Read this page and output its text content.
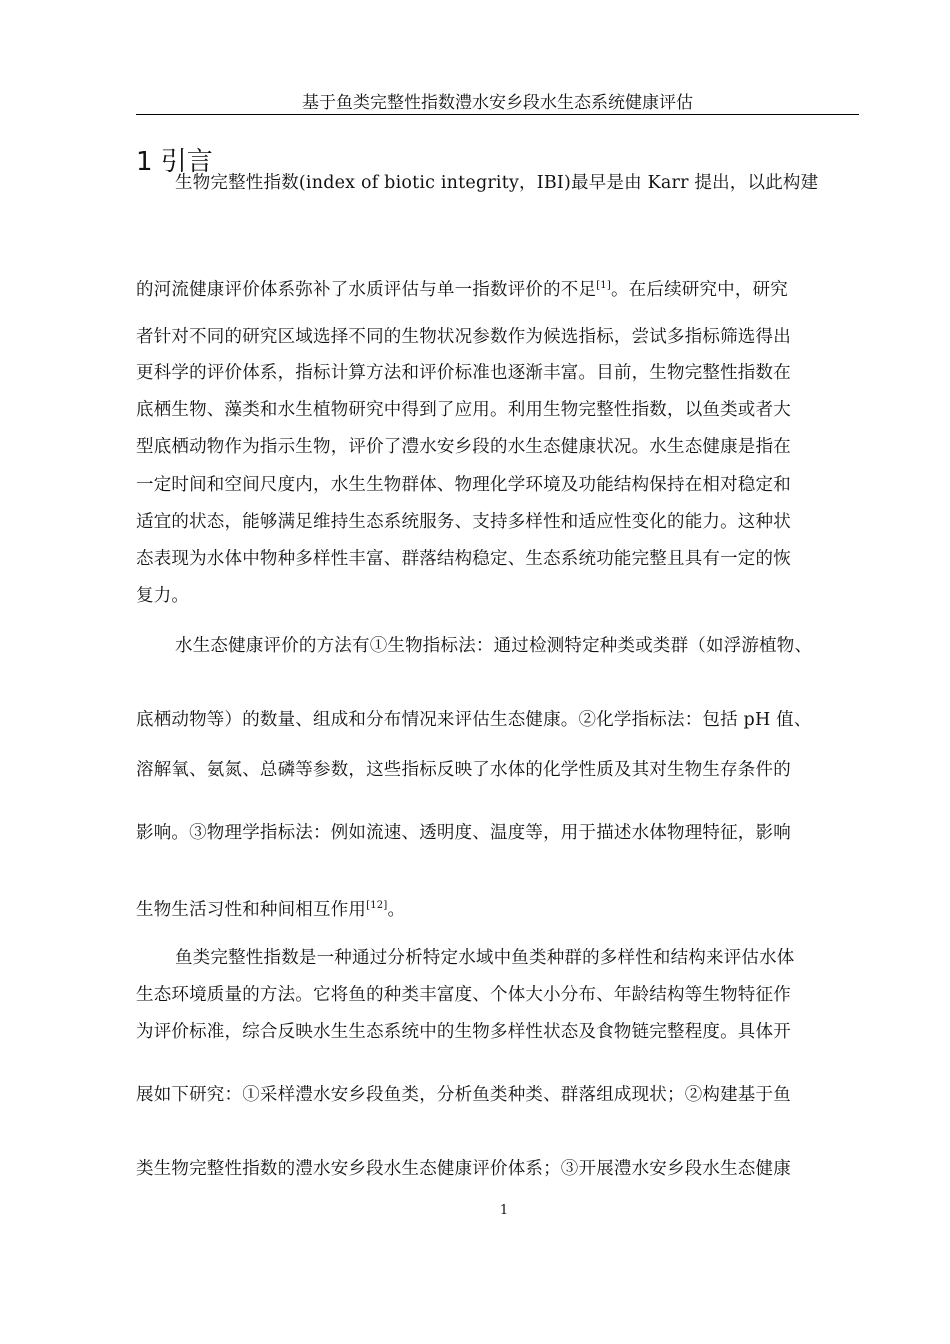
基于鱼类完整性指数澧水安乡段水生态系统健康评估
1 引言
生物完整性指数(index of biotic integrity，IBI)最早是由 Karr 提出，以此构建
的河流健康评价体系弥补了水质评估与单一指数评价的不足[1]。在后续研究中，研究
者针对不同的研究区域选择不同的生物状况参数作为候选指标，尝试多指标筛选得出
更科学的评价体系，指标计算方法和评价标准也逐渐丰富。目前，生物完整性指数在
底栖生物、藻类和水生植物研究中得到了应用。利用生物完整性指数，以鱼类或者大
型底栖动物作为指示生物，评价了澧水安乡段的水生态健康状况。水生态健康是指在
一定时间和空间尺度内，水生生物群体、物理化学环境及功能结构保持在相对稳定和
适宜的状态，能够满足维持生态系统服务、支持多样性和适应性变化的能力。这种状
态表现为水体中物种多样性丰富、群落结构稳定、生态系统功能完整且具有一定的恢
复力。
水生态健康评价的方法有①生物指标法：通过检测特定种类或类群（如浮游植物、
底栖动物等）的数量、组成和分布情况来评估生态健康。②化学指标法：包括 pH 值、
溶解氧、氨氮、总磷等参数，这些指标反映了水体的化学性质及其对生物生存条件的
影响。③物理学指标法：例如流速、透明度、温度等，用于描述水体物理特征，影响
生物生活习性和种间相互作用[12]。
鱼类完整性指数是一种通过分析特定水域中鱼类种群的多样性和结构来评估水体
生态环境质量的方法。它将鱼的种类丰富度、个体大小分布、年龄结构等生物特征作
为评价标准，综合反映水生生态系统中的生物多样性状态及食物链完整程度。具体开
展如下研究：①采样澧水安乡段鱼类，分析鱼类种类、群落组成现状；②构建基于鱼
类生物完整性指数的澧水安乡段水生态健康评价体系；③开展澧水安乡段水生态健康
1
